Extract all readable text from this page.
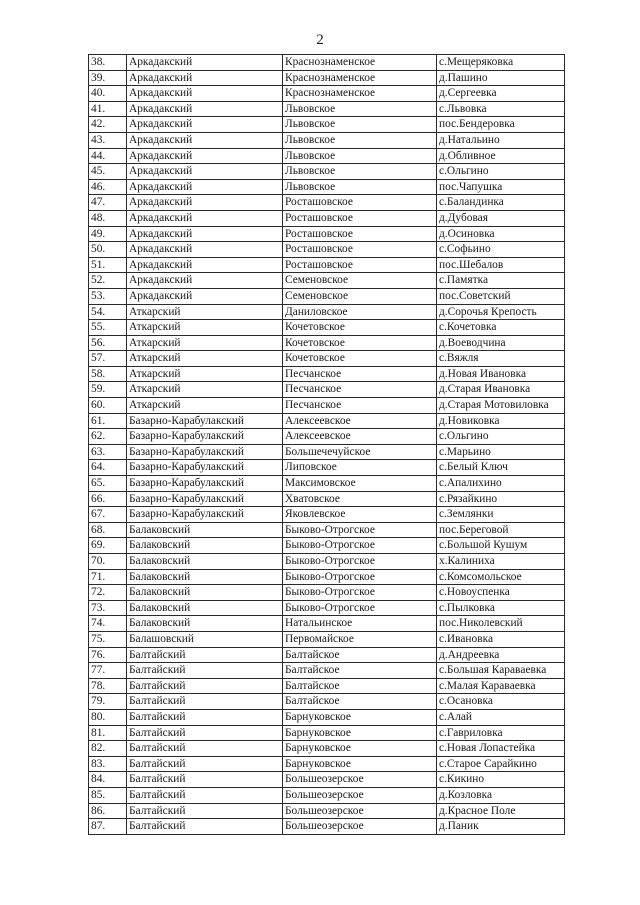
2
38.	Аркадакский	Краснознаменское	с.Мещеряковка
39.	Аркадакский	Краснознаменское	д.Пашино
40.	Аркадакский	Краснознаменское	д.Сергеевка
41.	Аркадакский	Львовское	с.Львовка
42.	Аркадакский	Львовское	пос.Бендеровка
43.	Аркадакский	Львовское	д.Натальино
44.	Аркадакский	Львовское	д.Обливное
45.	Аркадакский	Львовское	с.Ольгино
46.	Аркадакский	Львовское	пос.Чапушка
47.	Аркадакский	Росташовское	с.Баландинка
48.	Аркадакский	Росташовское	д.Дубовая
49.	Аркадакский	Росташовское	д.Осиновка
50.	Аркадакский	Росташовское	с.Софьино
51.	Аркадакский	Росташовское	пос.Шебалов
52.	Аркадакский	Семеновское	с.Памятка
53.	Аркадакский	Семеновское	пос.Советский
54.	Аткарский	Даниловское	д.Сорочья Крепость
55.	Аткарский	Кочетовское	с.Кочетовка
56.	Аткарский	Кочетовское	д.Воеводчина
57.	Аткарский	Кочетовское	с.Вяжля
58.	Аткарский	Песчанское	д.Новая Ивановка
59.	Аткарский	Песчанское	д.Старая Ивановка
60.	Аткарский	Песчанское	д.Старая Мотовиловка
61.	Базарно-Карабулакский	Алексеевское	д.Новиковка
62.	Базарно-Карабулакский	Алексеевское	с.Ольгино
63.	Базарно-Карабулакский	Большечечуйское	с.Марьино
64.	Базарно-Карабулакский	Липовское	с.Белый Ключ
65.	Базарно-Карабулакский	Максимовское	с.Апалихино
66.	Базарно-Карабулакский	Хватовское	с.Рязайкино
67.	Базарно-Карабулакский	Яковлевское	с.Землянки
68.	Балаковский	Быково-Отрогское	пос.Береговой
69.	Балаковский	Быково-Отрогское	с.Большой Кушум
70.	Балаковский	Быково-Отрогское	х.Калиниха
71.	Балаковский	Быково-Отрогское	с.Комсомольское
72.	Балаковский	Быково-Отрогское	с.Новоуспенка
73.	Балаковский	Быково-Отрогское	с.Пылковка
74.	Балаковский	Натальинское	пос.Николевский
75.	Балашовский	Первомайское	с.Ивановка
76.	Балтайский	Балтайское	д.Андреевка
77.	Балтайский	Балтайское	с.Большая Каравaевка
78.	Балтайский	Балтайское	с.Малая Каравaевка
79.	Балтайский	Балтайское	с.Осановка
80.	Балтайский	Барнуковское	с.Алай
81.	Балтайский	Барнуковское	с.Гавриловка
82.	Балтайский	Барнуковское	с.Новая Лопастейка
83.	Балтайский	Барнуковское	с.Старое Сарайкино
84.	Балтайский	Большеозерское	с.Кикино
85.	Балтайский	Большеозерское	д.Козловка
86.	Балтайский	Большеозерское	д.Красное Поле
87.	Балтайский	Большеозерское	д.Паник
